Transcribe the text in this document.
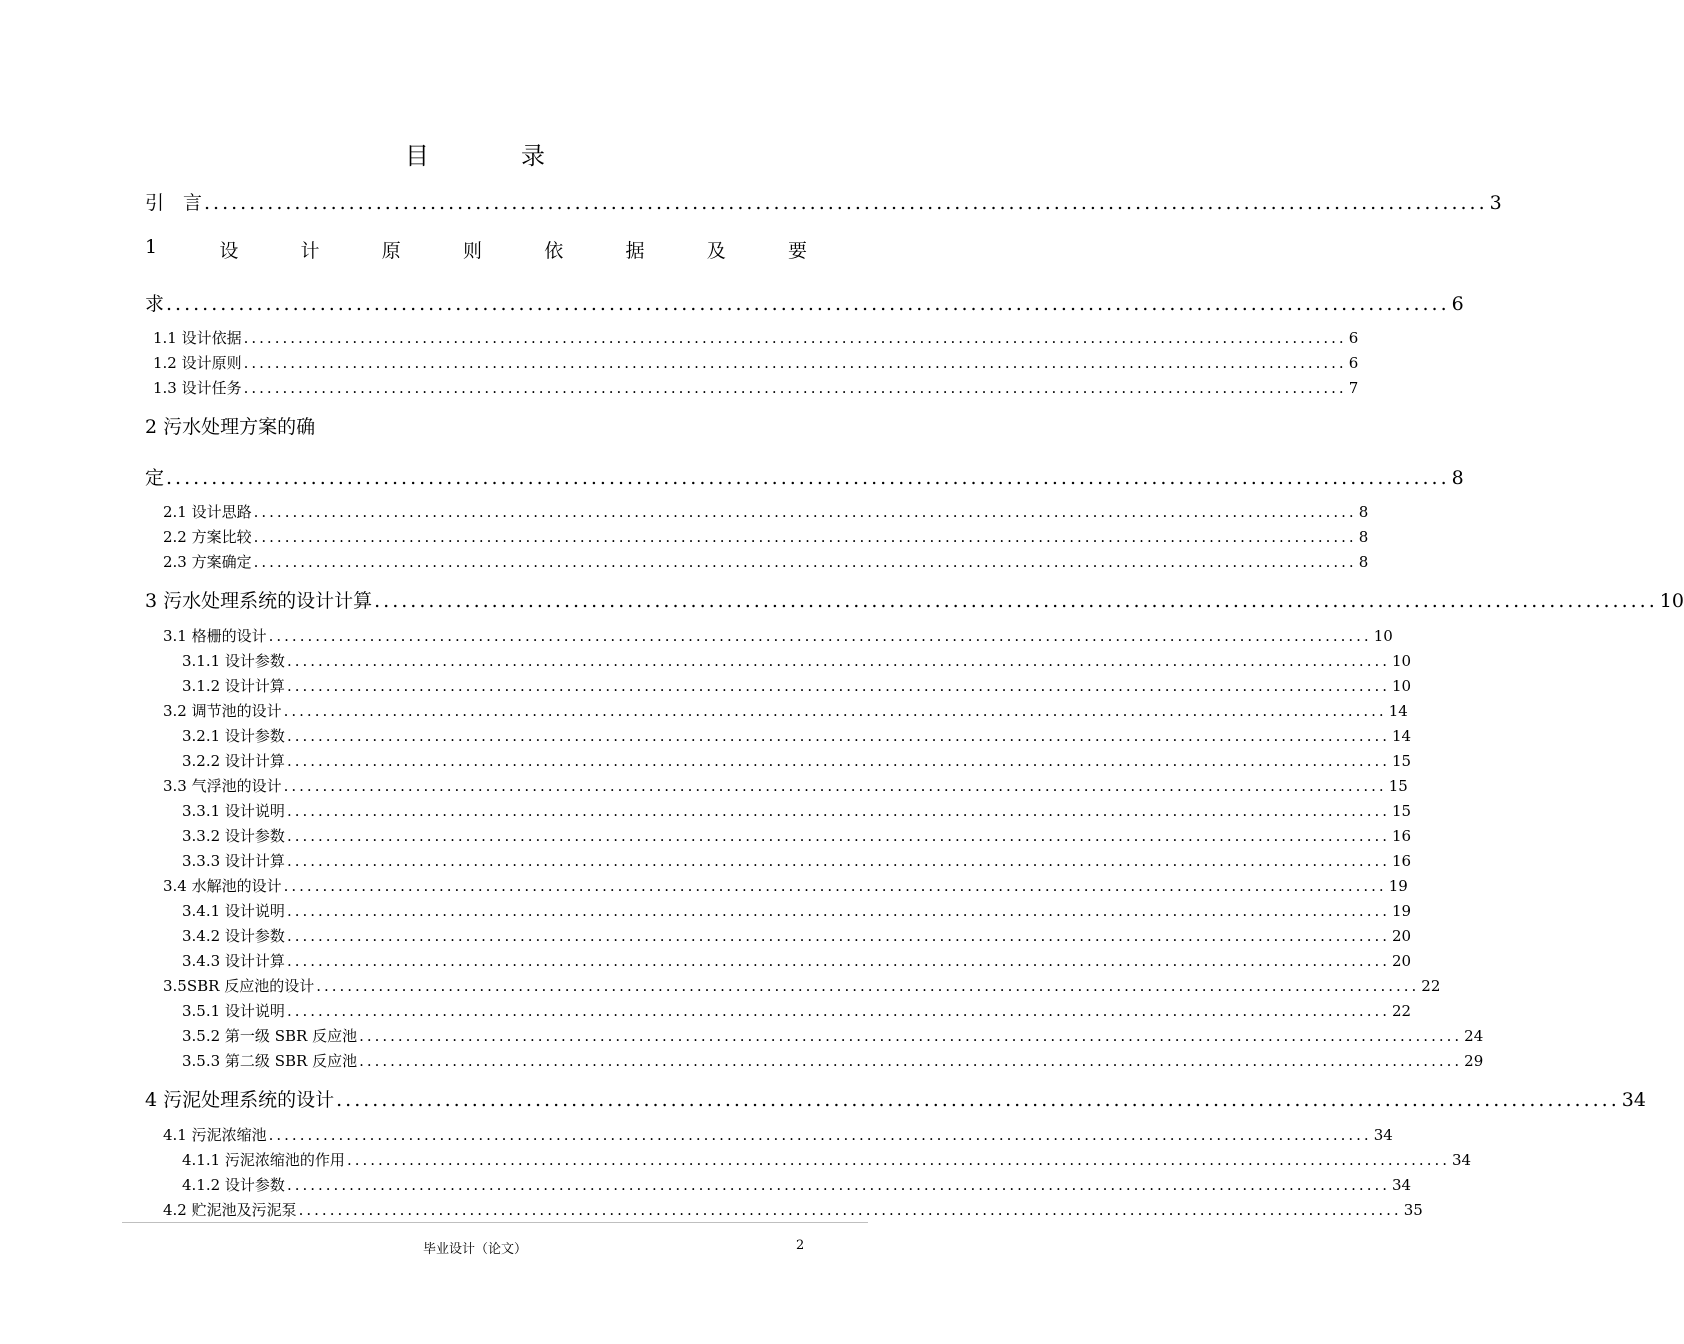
目　录
引　言 .............................................................................................................................................. 3
1	设	计	原	则	依	据	及	要
求 .............................................................................................................................................. 6
1.1 设计依据 .............................................................................................................................................. 6
1.2 设计原则 .............................................................................................................................................. 6
1.3 设计任务 .............................................................................................................................................. 7
2 污水处理方案的确
定 .............................................................................................................................................. 8
2.1 设计思路 .............................................................................................................................................. 8
2.2 方案比较 .............................................................................................................................................. 8
2.3 方案确定 .............................................................................................................................................. 8
3 污水处理系统的设计计算 .............................................................................................................................................. 10
3.1 格栅的设计 .............................................................................................................................................. 10
3.1.1 设计参数 .............................................................................................................................................. 10
3.1.2 设计计算 .............................................................................................................................................. 10
3.2 调节池的设计 .............................................................................................................................................. 14
3.2.1 设计参数 .............................................................................................................................................. 14
3.2.2 设计计算 .............................................................................................................................................. 15
3.3 气浮池的设计 .............................................................................................................................................. 15
3.3.1 设计说明 .............................................................................................................................................. 15
3.3.2 设计参数 .............................................................................................................................................. 16
3.3.3 设计计算 .............................................................................................................................................. 16
3.4 水解池的设计 .............................................................................................................................................. 19
3.4.1 设计说明 .............................................................................................................................................. 19
3.4.2 设计参数 .............................................................................................................................................. 20
3.4.3 设计计算 .............................................................................................................................................. 20
3.5SBR 反应池的设计 .............................................................................................................................................. 22
3.5.1 设计说明 .............................................................................................................................................. 22
3.5.2 第一级 SBR 反应池 .............................................................................................................................................. 24
3.5.3 第二级 SBR 反应池 .............................................................................................................................................. 29
4 污泥处理系统的设计 .............................................................................................................................................. 34
4.1 污泥浓缩池 .............................................................................................................................................. 34
4.1.1 污泥浓缩池的作用 .............................................................................................................................................. 34
4.1.2 设计参数 .............................................................................................................................................. 34
4.2 贮泥池及污泥泵 .............................................................................................................................................. 35
毕业设计（论文）	2
